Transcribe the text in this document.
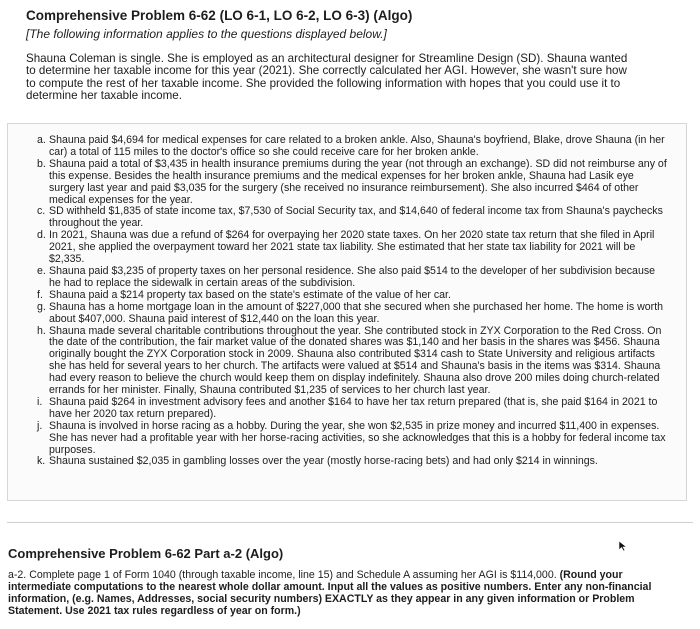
Comprehensive Problem 6-62 (LO 6-1, LO 6-2, LO 6-3) (Algo)

[The following information applies to the questions displayed below.]

Shauna Coleman is single. She is employed as an architectural designer for Streamline Design (SD). Shauna wanted to determine her taxable income for this year (2021). She correctly calculated her AGI. However, she wasn't sure how to compute the rest of her taxable income. She provided the following information with hopes that you could use it to determine her taxable income.

a. Shauna paid $4,694 for medical expenses for care related to a broken ankle. Also, Shauna's boyfriend, Blake, drove Shauna (in her car) a total of 115 miles to the doctor's office so she could receive care for her broken ankle.
b. Shauna paid a total of $3,435 in health insurance premiums during the year (not through an exchange). SD did not reimburse any of this expense. Besides the health insurance premiums and the medical expenses for her broken ankle, Shauna had Lasik eye surgery last year and paid $3,035 for the surgery (she received no insurance reimbursement). She also incurred $464 of other medical expenses for the year.
c. SD withheld $1,835 of state income tax, $7,530 of Social Security tax, and $14,640 of federal income tax from Shauna's paychecks throughout the year.
d. In 2021, Shauna was due a refund of $264 for overpaying her 2020 state taxes. On her 2020 state tax return that she filed in April 2021, she applied the overpayment toward her 2021 state tax liability. She estimated that her state tax liability for 2021 will be $2,335.
e. Shauna paid $3,235 of property taxes on her personal residence. She also paid $514 to the developer of her subdivision because he had to replace the sidewalk in certain areas of the subdivision.
f. Shauna paid a $214 property tax based on the state's estimate of the value of her car.
g. Shauna has a home mortgage loan in the amount of $227,000 that she secured when she purchased her home. The home is worth about $407,000. Shauna paid interest of $12,440 on the loan this year.
h. Shauna made several charitable contributions throughout the year. She contributed stock in ZYX Corporation to the Red Cross. On the date of the contribution, the fair market value of the donated shares was $1,140 and her basis in the shares was $456. Shauna originally bought the ZYX Corporation stock in 2009. Shauna also contributed $314 cash to State University and religious artifacts she has held for several years to her church. The artifacts were valued at $514 and Shauna's basis in the items was $314. Shauna had every reason to believe the church would keep them on display indefinitely. Shauna also drove 200 miles doing church-related errands for her minister. Finally, Shauna contributed $1,235 of services to her church last year.
i. Shauna paid $264 in investment advisory fees and another $164 to have her tax return prepared (that is, she paid $164 in 2021 to have her 2020 tax return prepared).
j. Shauna is involved in horse racing as a hobby. During the year, she won $2,535 in prize money and incurred $11,400 in expenses. She has never had a profitable year with her horse-racing activities, so she acknowledges that this is a hobby for federal income tax purposes.
k. Shauna sustained $2,035 in gambling losses over the year (mostly horse-racing bets) and had only $214 in winnings.
Comprehensive Problem 6-62 Part a-2 (Algo)
a-2. Complete page 1 of Form 1040 (through taxable income, line 15) and Schedule A assuming her AGI is $114,000. (Round your intermediate computations to the nearest whole dollar amount. Input all the values as positive numbers. Enter any non-financial information, (e.g. Names, Addresses, social security numbers) EXACTLY as they appear in any given information or Problem Statement. Use 2021 tax rules regardless of year on form.)
